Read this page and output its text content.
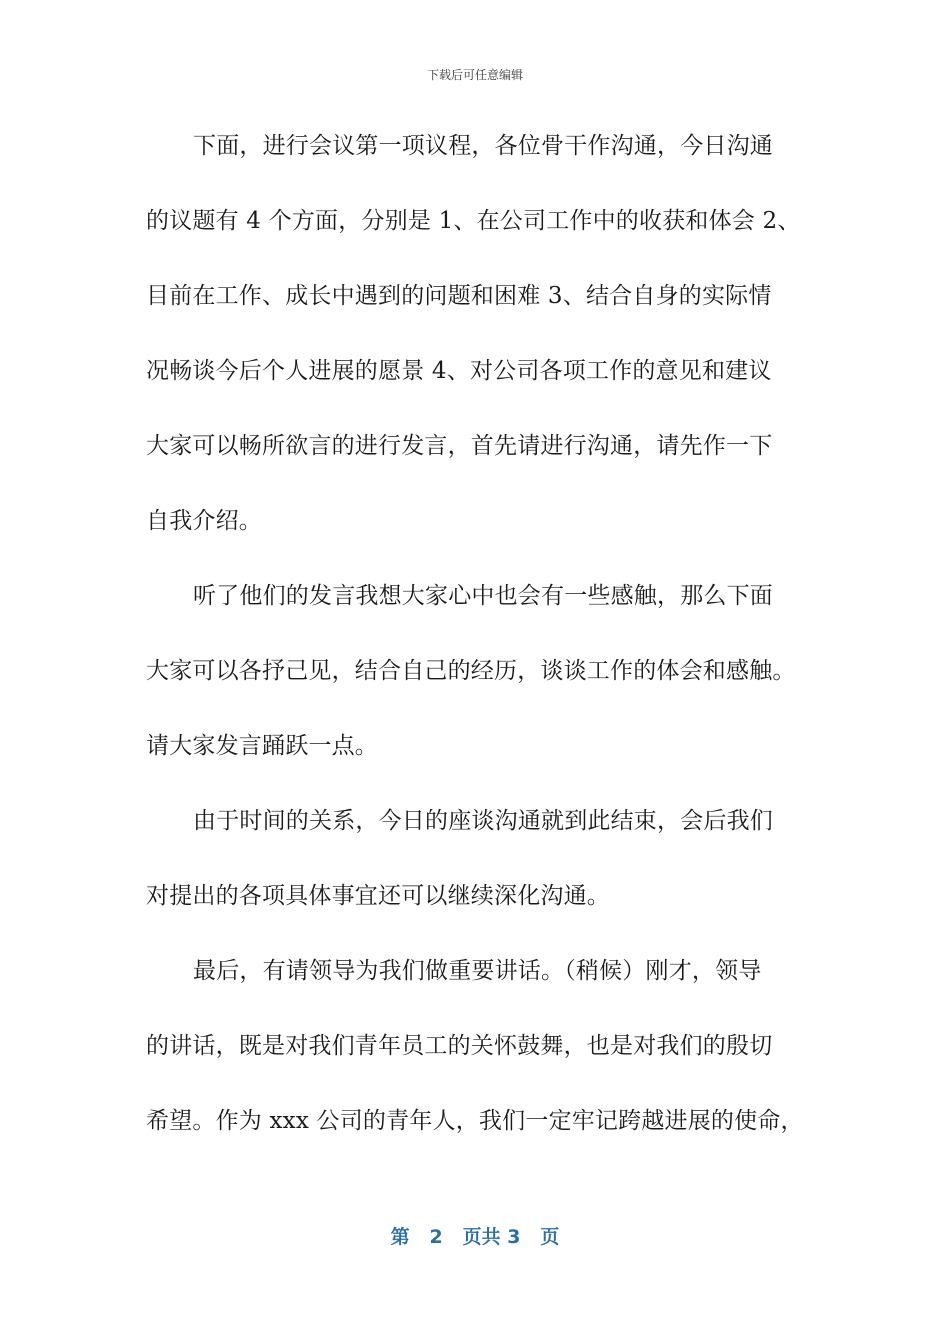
下载后可任意编辑
下面，进行会议第一项议程，各位骨干作沟通，今日沟通
的议题有 4 个方面，分别是 1、在公司工作中的收获和体会 2、
目前在工作、成长中遇到的问题和困难 3、结合自身的实际情
况畅谈今后个人进展的愿景 4、对公司各项工作的意见和建议
大家可以畅所欲言的进行发言，首先请进行沟通，请先作一下
自我介绍。
听了他们的发言我想大家心中也会有一些感触，那么下面
大家可以各抒己见，结合自己的经历，谈谈工作的体会和感触。
请大家发言踊跃一点。
由于时间的关系，今日的座谈沟通就到此结束，会后我们
对提出的各项具体事宜还可以继续深化沟通。
最后，有请领导为我们做重要讲话。（稍候）刚才，领导
的讲话，既是对我们青年员工的关怀鼓舞，也是对我们的殷切
希望。作为 xxx 公司的青年人，我们一定牢记跨越进展的使命，
第 2 页共 3 页
